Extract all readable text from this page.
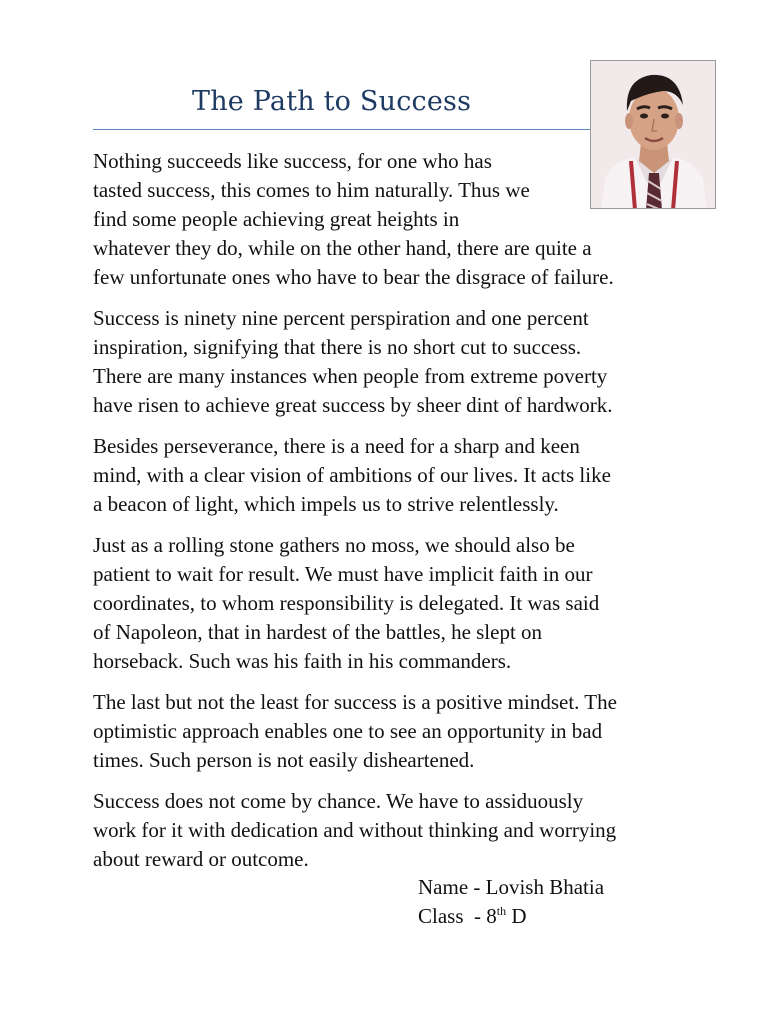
The Path to Success

Nothing succeeds like success, for one who has
tasted success, this comes to him naturally. Thus we
find some people achieving great heights in
whatever they do, while on the other hand, there are quite a
few unfortunate ones who have to bear the disgrace of failure.

Success is ninety nine percent perspiration and one percent
inspiration, signifying that there is no short cut to success.
There are many instances when people from extreme poverty
have risen to achieve great success by sheer dint of hardwork.

Besides perseverance, there is a need for a sharp and keen
mind, with a clear vision of ambitions of our lives. It acts like
a beacon of light, which impels us to strive relentlessly.

Just as a rolling stone gathers no moss, we should also be
patient to wait for result. We must have implicit faith in our
coordinates, to whom responsibility is delegated. It was said
of Napoleon, that in hardest of the battles, he slept on
horseback. Such was his faith in his commanders.

The last but not the least for success is a positive mindset. The
optimistic approach enables one to see an opportunity in bad
times. Such person is not easily disheartened.

Success does not come by chance. We have to assiduously
work for it with dedication and without thinking and worrying
about reward or outcome.

Name - Lovish Bhatia
Class  - 8th D
